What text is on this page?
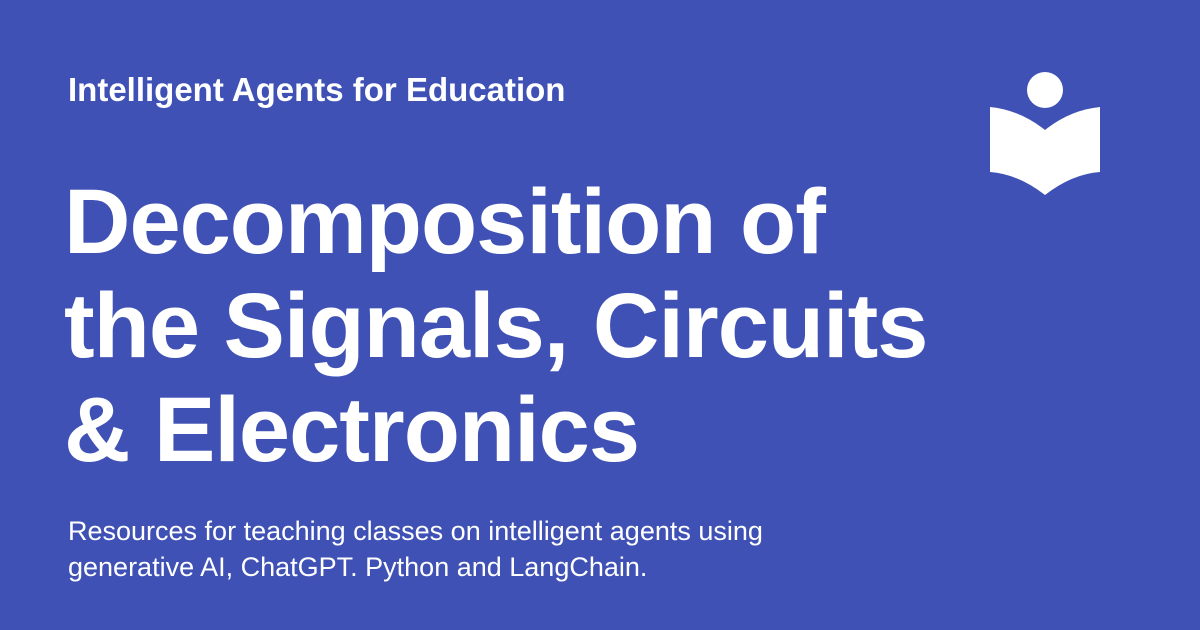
Intelligent Agents for Education
Decomposition of
the Signals, Circuits
& Electronics
Resources for teaching classes on intelligent agents using
generative AI, ChatGPT. Python and LangChain.
